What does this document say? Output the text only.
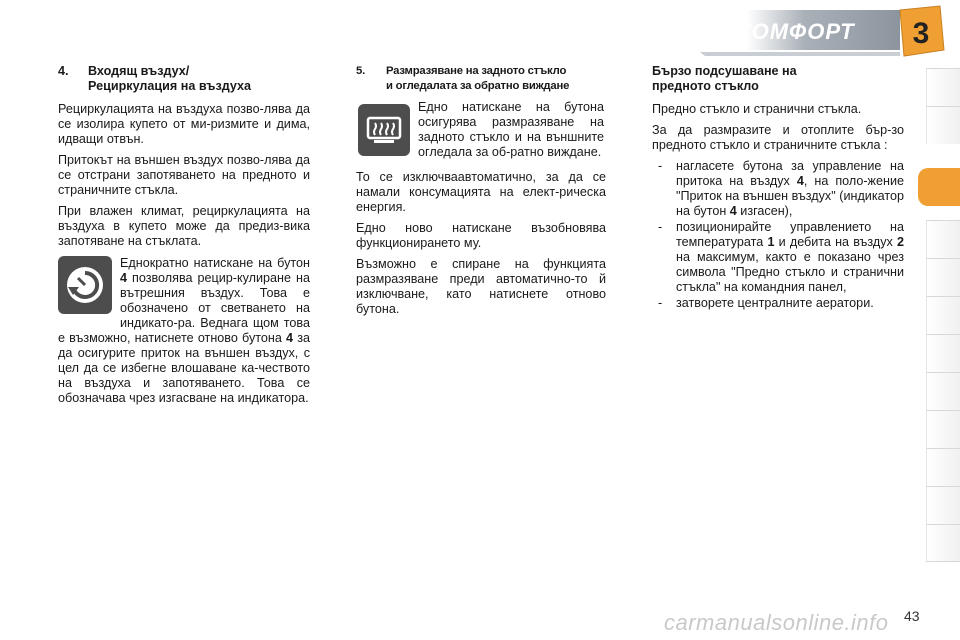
КОМФОРТ	3
4. Входящ въздух/
Рециркулация на въздуха

Рециркулацията на въздуха позво-лява да се изолира купето от ми-ризмите и дима, идващи отвън.

Притокът на външен въздух позво-лява да се отстрани запотяването на предното и страничните стъкла.

При влажен климат, рециркулацията на въздуха в купето може да предиз-вика запотяване на стъклата.

Еднократно натискане на бутон 4 позволява рецир-кулиране на вътрешния въздух. Това е обозначено от светването на индикато-ра. Веднага щом това е възможно, натиснете отново бутона 4 за да осигурите приток на външен въздух, с цел да се избегне влошаване ка-чеството на въздуха и запотяването. Това се обозначава чрез изгасване на индикатора.

5. Размразяване на задното стъкло
и огледалата за обратно виждане

Едно натискане на бутона осигурява размразяване на задното стъкло и на външните огледала за об-ратно виждане.

То се изключваавтоматично, за да се намали консумацията на елект-рическа енергия.

Едно ново натискане възобновява функционирането му.

Възможно е спиране на функцията размразяване преди автоматично-то й изключване, като натиснете отново бутона.

Бързо подсушаване на
предното стъкло

Предно стъкло и странични стъкла.

За да размразите и отоплите бър-зо предното стъкло и страничните стъкла :

- нагласете бутона за управление на притока на въздух 4, на поло-жение "Приток на външен въздух" (индикатор на бутон 4 изгасен),
- позиционирайте управлението на температурата 1 и дебита на въздух 2 на максимум, както е показано чрез символа "Предно стъкло и странични стъкла" на командния панел,
- затворете централните аератори.
carmanualsonline.info 43
